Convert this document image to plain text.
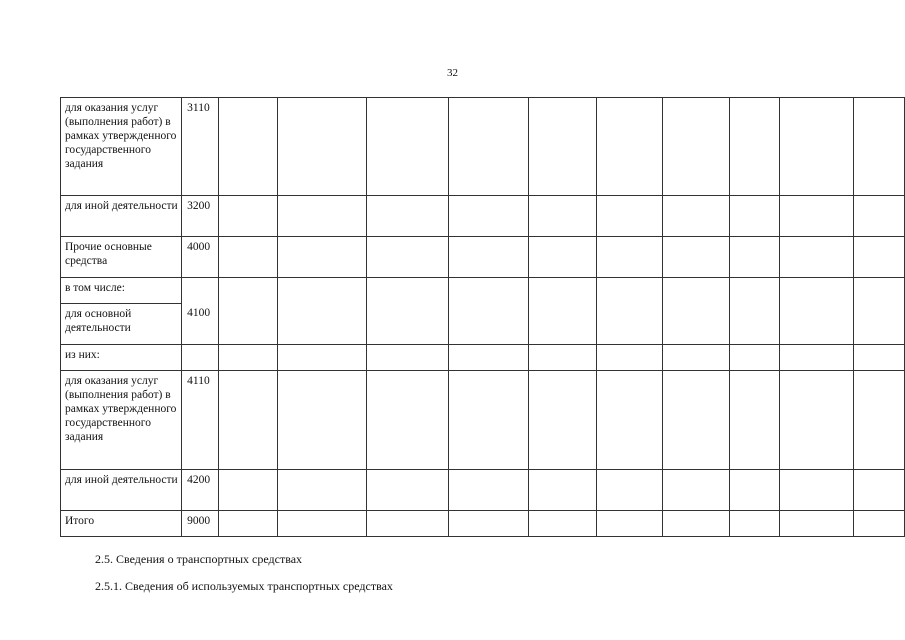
32
для оказания услуг (выполнения работ) в рамках утвержденного государственного задания	3110										
для иной деятельности	3200										
Прочие основные средства	4000										
в том числе:	4100										
для основной деятельности											
из них:											
для оказания услуг (выполнения работ) в рамках утвержденного государственного задания	4110										
для иной деятельности	4200										
Итого	9000										
2.5. Сведения о транспортных средствах
2.5.1. Сведения об используемых транспортных средствах
